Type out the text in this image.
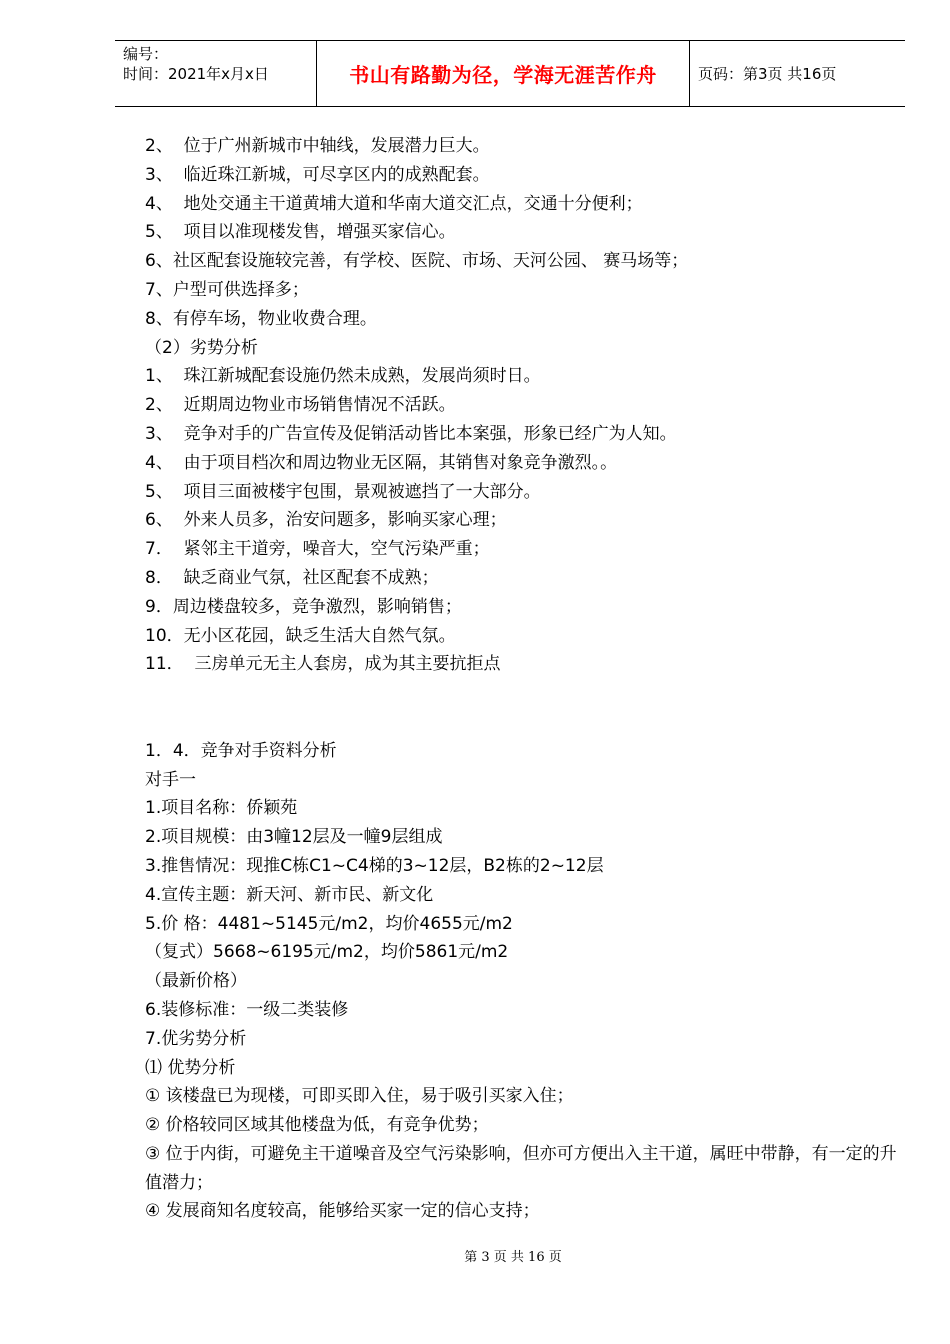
编号：
时间：2021年x月x日	书山有路勤为径，学海无涯苦作舟	页码：第3页 共16页

2、  位于广州新城市中轴线，发展潜力巨大。

3、  临近珠江新城，可尽享区内的成熟配套。

4、  地处交通主干道黄埔大道和华南大道交汇点，交通十分便利；

5、  项目以准现楼发售，增强买家信心。

6、社区配套设施较完善，有学校、医院、市场、天河公园、 赛马场等；

7、户型可供选择多；

8、有停车场，物业收费合理。

（2）劣势分析

1、  珠江新城配套设施仍然未成熟，发展尚须时日。

2、  近期周边物业市场销售情况不活跃。

3、  竞争对手的广告宣传及促销活动皆比本案强，形象已经广为人知。

4、  由于项目档次和周边物业无区隔，其销售对象竞争激烈。。

5、  项目三面被楼宇包围，景观被遮挡了一大部分。

6、  外来人员多，治安问题多，影响买家心理；

7．  紧邻主干道旁，噪音大，空气污染严重；

8．  缺乏商业气氛，社区配套不成熟；

9．周边楼盘较多，竞争激烈，影响销售；

10．无小区花园，缺乏生活大自然气氛。

11．  三房单元无主人套房，成为其主要抗拒点

1．4．竞争对手资料分析

对手一

1.项目名称：侨颖苑

2.项目规模：由3幢12层及一幢9层组成

3.推售情况：现推C栋C1~C4梯的3~12层，B2栋的2~12层

4.宣传主题：新天河、新市民、新文化

5.价 格：4481~5145元/m2，均价4655元/m2

（复式）5668~6195元/m2，均价5861元/m2

（最新价格）

6.装修标准：一级二类装修

7.优劣势分析

⑴ 优势分析

① 该楼盘已为现楼，可即买即入住，易于吸引买家入住；

② 价格较同区域其他楼盘为低，有竞争优势；

③ 位于内街，可避免主干道噪音及空气污染影响，但亦可方便出入主干道，属旺中带静，有一定的升值潜力；

④ 发展商知名度较高，能够给买家一定的信心支持；

第 3 页 共 16 页
